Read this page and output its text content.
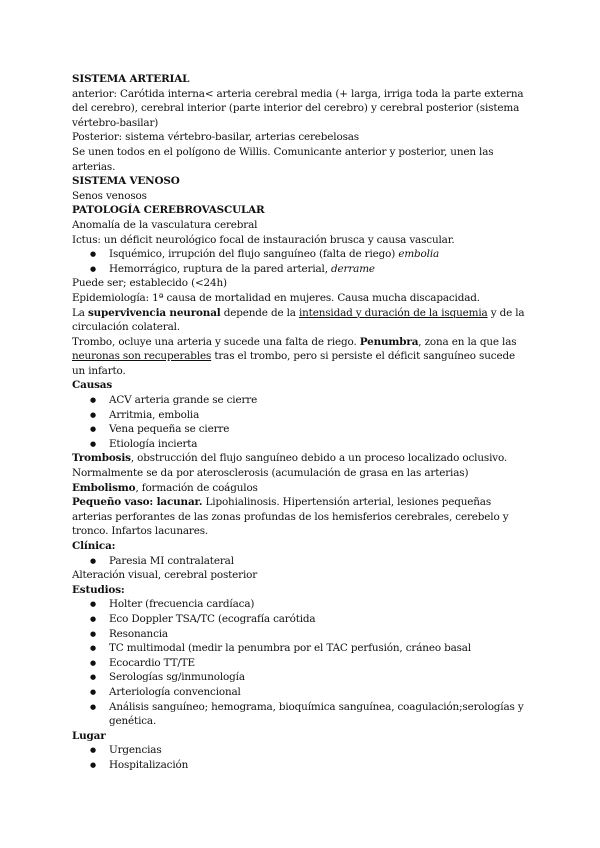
SISTEMA ARTERIAL

anterior: Carótida interna< arteria cerebral media (+ larga, irriga toda la parte externa del cerebro), cerebral interior (parte interior del cerebro) y cerebral posterior (sistema vértebro-basilar)

Posterior: sistema vértebro-basilar, arterias cerebelosas

Se unen todos en el polígono de Willis. Comunicante anterior y posterior, unen las arterias.

SISTEMA VENOSO

Senos venosos

PATOLOGÍA CEREBROVASCULAR

Anomalía de la vasculatura cerebral

Ictus: un déficit neurológico focal de instauración brusca y causa vascular.

● Isquémico, irrupción del flujo sanguíneo (falta de riego) embolia
● Hemorrágico, ruptura de la pared arterial, derrame

Puede ser; establecido (<24h)

Epidemiología: 1ª causa de mortalidad en mujeres. Causa mucha discapacidad.

La supervivencia neuronal depende de la intensidad y duración de la isquemia y de la circulación colateral.

Trombo, ocluye una arteria y sucede una falta de riego. Penumbra, zona en la que las neuronas son recuperables tras el trombo, pero si persiste el déficit sanguíneo sucede un infarto.

Causas

● ACV arteria grande se cierre
● Arritmia, embolia
● Vena pequeña se cierre
● Etiología incierta

Trombosis, obstrucción del flujo sanguíneo debido a un proceso localizado oclusivo.

Normalmente se da por aterosclerosis (acumulación de grasa en las arterias)

Embolismo, formación de coágulos

Pequeño vaso: lacunar. Lipohialinosis. Hipertensión arterial, lesiones pequeñas arterias perforantes de las zonas profundas de los hemisferios cerebrales, cerebelo y tronco. Infartos lacunares.

Clínica:

● Paresia MI contralateral

Alteración visual, cerebral posterior

Estudios:

● Holter (frecuencia cardíaca)
● Eco Doppler TSA/TC (ecografía carótida
● Resonancia
● TC multimodal (medir la penumbra por el TAC perfusión, cráneo basal
● Ecocardio TT/TE
● Serologías sg/inmunología
● Arteriología convencional
● Análisis sanguíneo; hemograma, bioquímica sanguínea, coagulación;serologías y genética.

Lugar

● Urgencias
● Hospitalización
